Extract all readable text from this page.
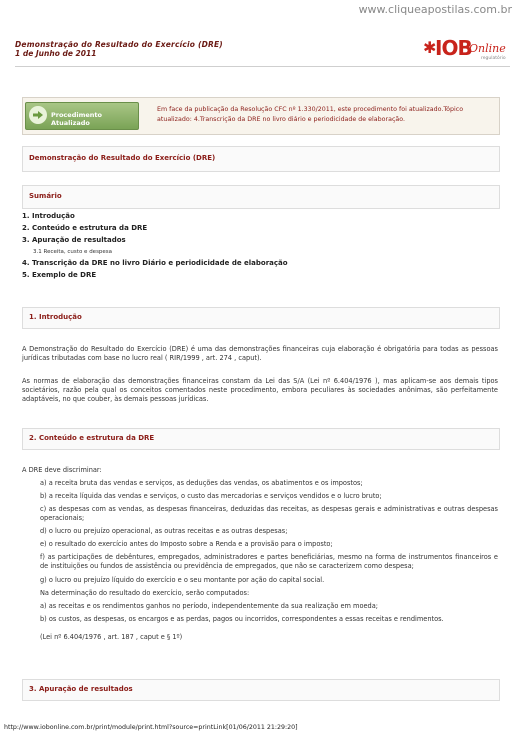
www.cliqueapostilas.com.br
Demonstração do Resultado do Exercício (DRE)
1 de Junho de 2011	✱
IOB
Online
regulatório
Procedimento Atualizado
Em face da publicação da Resolução CFC nº 1.330/2011, este procedimento foi atualizado.Tópico atualizado: 4.Transcrição da DRE no livro diário e periodicidade de elaboração.
Demonstração do Resultado do Exercício (DRE)
Sumário
1. Introdução
2. Conteúdo e estrutura da DRE
3. Apuração de resultados
3.1 Receita, custo e despesa
4. Transcrição da DRE no livro Diário e periodicidade de elaboração
5. Exemplo de DRE
1. Introdução
A Demonstração do Resultado do Exercício (DRE) é uma das demonstrações financeiras cuja elaboração é obrigatória para todas as pessoas jurídicas tributadas com base no lucro real ( RIR/1999 , art. 274 , caput).
As normas de elaboração das demonstrações financeiras constam da Lei das S/A (Lei nº 6.404/1976 ), mas aplicam-se aos demais tipos societários, razão pela qual os conceitos comentados neste procedimento, embora peculiares às sociedades anônimas, são perfeitamente adaptáveis, no que couber, às demais pessoas jurídicas.
2. Conteúdo e estrutura da DRE
A DRE deve discriminar:
a) a receita bruta das vendas e serviços, as deduções das vendas, os abatimentos e os impostos;
b) a receita líquida das vendas e serviços, o custo das mercadorias e serviços vendidos e o lucro bruto;
c) as despesas com as vendas, as despesas financeiras, deduzidas das receitas, as despesas gerais e administrativas e outras despesas operacionais;
d) o lucro ou prejuízo operacional, as outras receitas e as outras despesas;
e) o resultado do exercício antes do Imposto sobre a Renda e a provisão para o imposto;
f) as participações de debêntures, empregados, administradores e partes beneficiárias, mesmo na forma de instrumentos financeiros e de instituições ou fundos de assistência ou previdência de empregados, que não se caracterizem como despesa;
g) o lucro ou prejuízo líquido do exercício e o seu montante por ação do capital social.
Na determinação do resultado do exercício, serão computados:
a) as receitas e os rendimentos ganhos no período, independentemente da sua realização em moeda;
b) os custos, as despesas, os encargos e as perdas, pagos ou incorridos, correspondentes a essas receitas e rendimentos.
(Lei nº 6.404/1976 , art. 187 , caput e § 1º)
3. Apuração de resultados
http://www.iobonline.com.br/print/module/print.html?source=printLink[01/06/2011 21:29:20]
